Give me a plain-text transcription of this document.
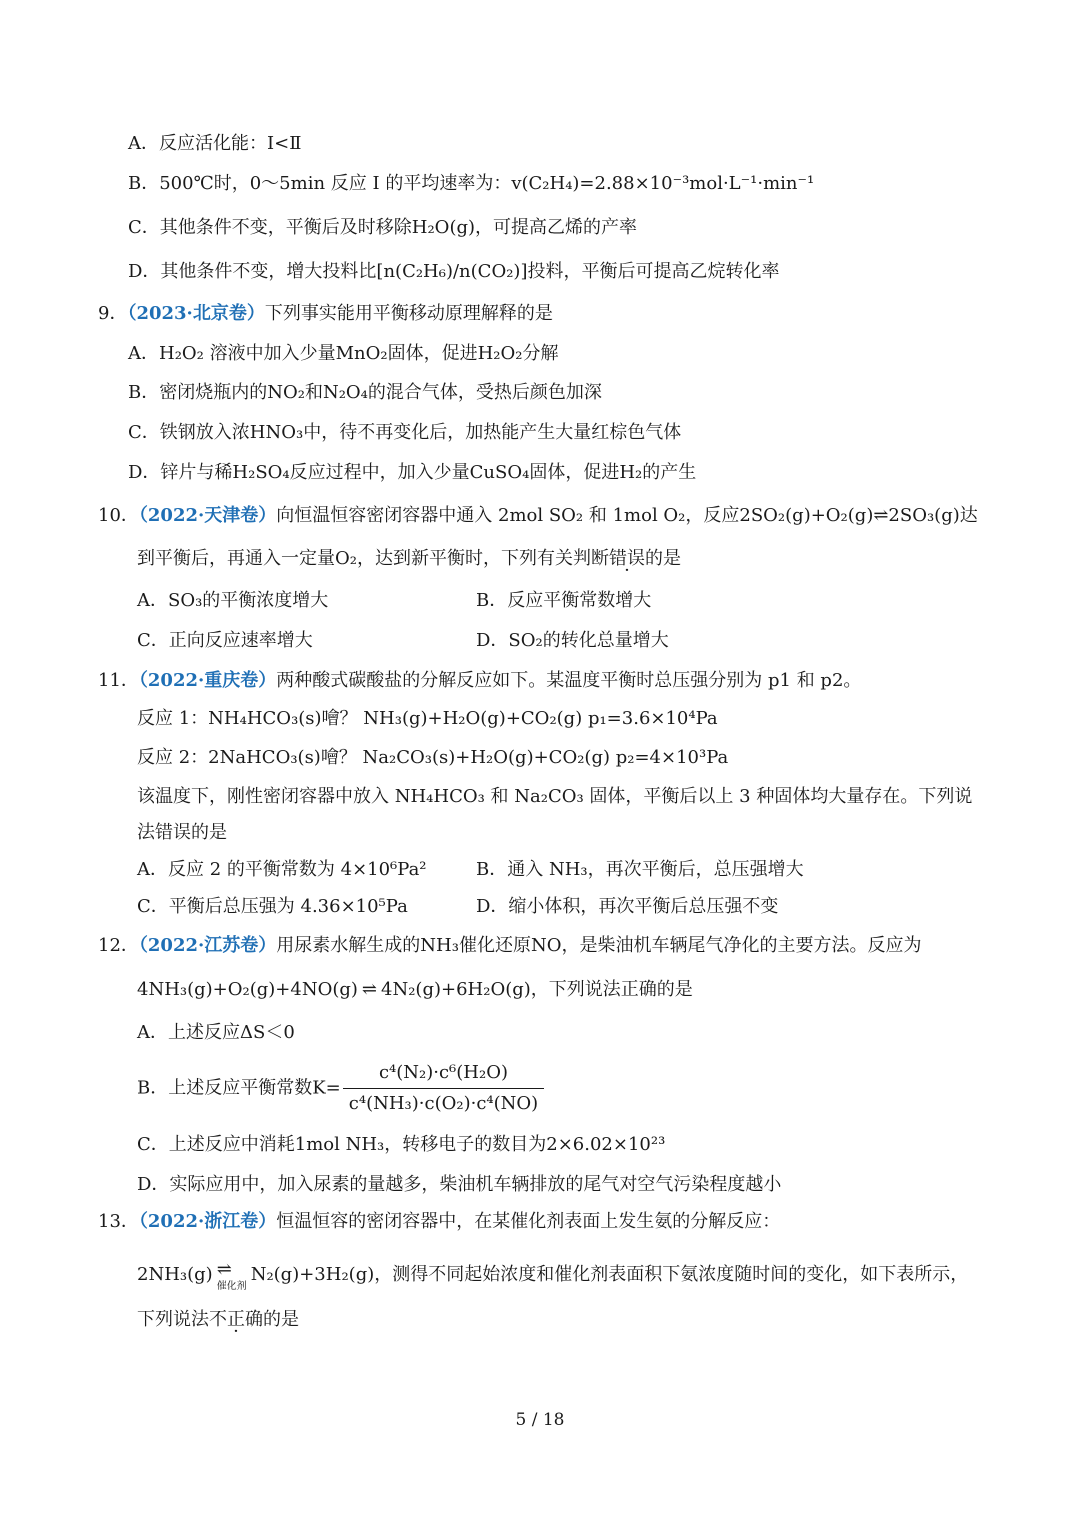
A．反应活化能：I<Ⅱ
B．500℃时，0～5min 反应 I 的平均速率为：v(C₂H₄)=2.88×10⁻³mol·L⁻¹·min⁻¹
C．其他条件不变，平衡后及时移除H₂O(g)，可提高乙烯的产率
D．其他条件不变，增大投料比[n(C₂H₆)/n(CO₂)]投料，平衡后可提高乙烷转化率
9．（2023·北京卷）下列事实能用平衡移动原理解释的是
A．H₂O₂ 溶液中加入少量MnO₂固体，促进H₂O₂分解
B．密闭烧瓶内的NO₂和N₂O₄的混合气体，受热后颜色加深
C．铁钢放入浓HNO₃中，待不再变化后，加热能产生大量红棕色气体
D．锌片与稀H₂SO₄反应过程中，加入少量CuSO₄固体，促进H₂的产生
10．（2022·天津卷）向恒温恒容密闭容器中通入 2mol SO₂ 和 1mol O₂，反应2SO₂(g)+O₂(g)⇌2SO₃(g)达
到平衡后，再通入一定量O₂，达到新平衡时，下列有关判断错误的是
A．SO₃的平衡浓度增大	B．反应平衡常数增大
C．正向反应速率增大	D．SO₂的转化总量增大
11．（2022·重庆卷）两种酸式碳酸盐的分解反应如下。某温度平衡时总压强分别为 p1 和 p2。
反应 1：NH₄HCO₃(s)噲？ NH₃(g)+H₂O(g)+CO₂(g) p₁=3.6×10⁴Pa
反应 2：2NaHCO₃(s)噲？ Na₂CO₃(s)+H₂O(g)+CO₂(g) p₂=4×10³Pa
该温度下，刚性密闭容器中放入 NH₄HCO₃ 和 Na₂CO₃ 固体，平衡后以上 3 种固体均大量存在。下列说
法错误的是
A．反应 2 的平衡常数为 4×10⁶Pa²	B．通入 NH₃，再次平衡后，总压强增大
C．平衡后总压强为 4.36×10⁵Pa	D．缩小体积，再次平衡后总压强不变
12．（2022·江苏卷）用尿素水解生成的NH₃催化还原NO，是柴油机车辆尾气净化的主要方法。反应为
4NH₃(g)+O₂(g)+4NO(g) ⇌ 4N₂(g)+6H₂O(g)，下列说法正确的是
A．上述反应ΔS＜0
B．上述反应平衡常数$K= \frac{\text{c⁴(N₂)·c⁶(H₂O)}}{\text{c⁴(NH₃)·c(O₂)·c⁴(NO)}}$
C．上述反应中消耗1mol NH₃，转移电子的数目为2×6.02×10²³
D．实际应用中，加入尿素的量越多，柴油机车辆排放的尾气对空气污染程度越小
13．（2022·浙江卷）恒温恒容的密闭容器中，在某催化剂表面上发生氨的分解反应：
2NH₃(g) ⇌
催化剂
N₂(g)+3H₂(g)，测得不同起始浓度和催化剂表面积下氨浓度随时间的变化，如下表所示，
下列说法不正确的是
5 / 18
